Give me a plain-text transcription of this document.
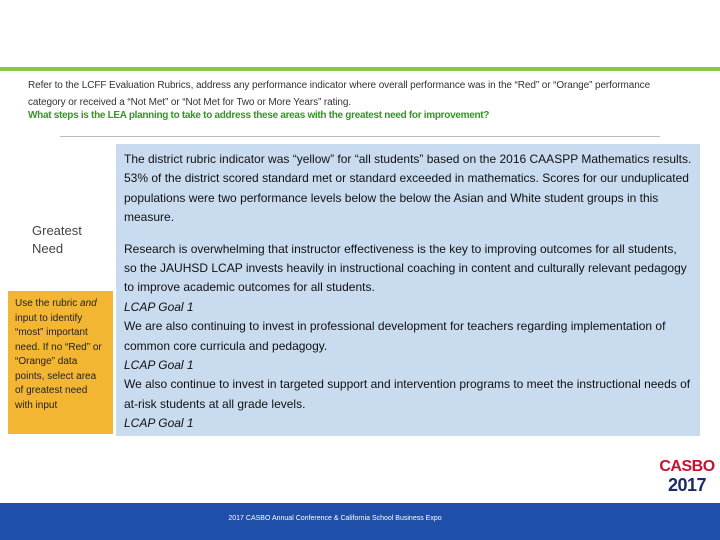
Refer to the LCFF Evaluation Rubrics, address any performance indicator where overall performance was in the “Red” or “Orange” performance
category or received a “Not Met” or “Not Met for Two or More Years” rating.
What steps is the LEA planning to take to address these areas with the greatest need for improvement?
Greatest
Need
Use the rubric and input to identify “most” important need. If no “Red” or “Orange” data points, select area of greatest need with input

The district rubric indicator was “yellow” for “all students” based on the 2016 CAASPP Mathematics results. 53% of the district scored standard met or standard exceeded in mathematics. Scores for our unduplicated populations were two performance levels below the below the Asian and White student groups in this measure.

Research is overwhelming that instructor effectiveness is the key to improving outcomes for all students, so the JAUHSD LCAP invests heavily in instructional coaching in content and culturally relevant pedagogy to improve academic outcomes for all students.

LCAP Goal 1

We are also continuing to invest in professional development for teachers regarding implementation of common core curricula and pedagogy.

LCAP Goal 1

We also continue to invest in targeted support and intervention programs to meet the instructional needs of at-risk students at all grade levels.

LCAP Goal 1

CASBO
2017
2017 CASBO Annual Conference & California School Business Expo
